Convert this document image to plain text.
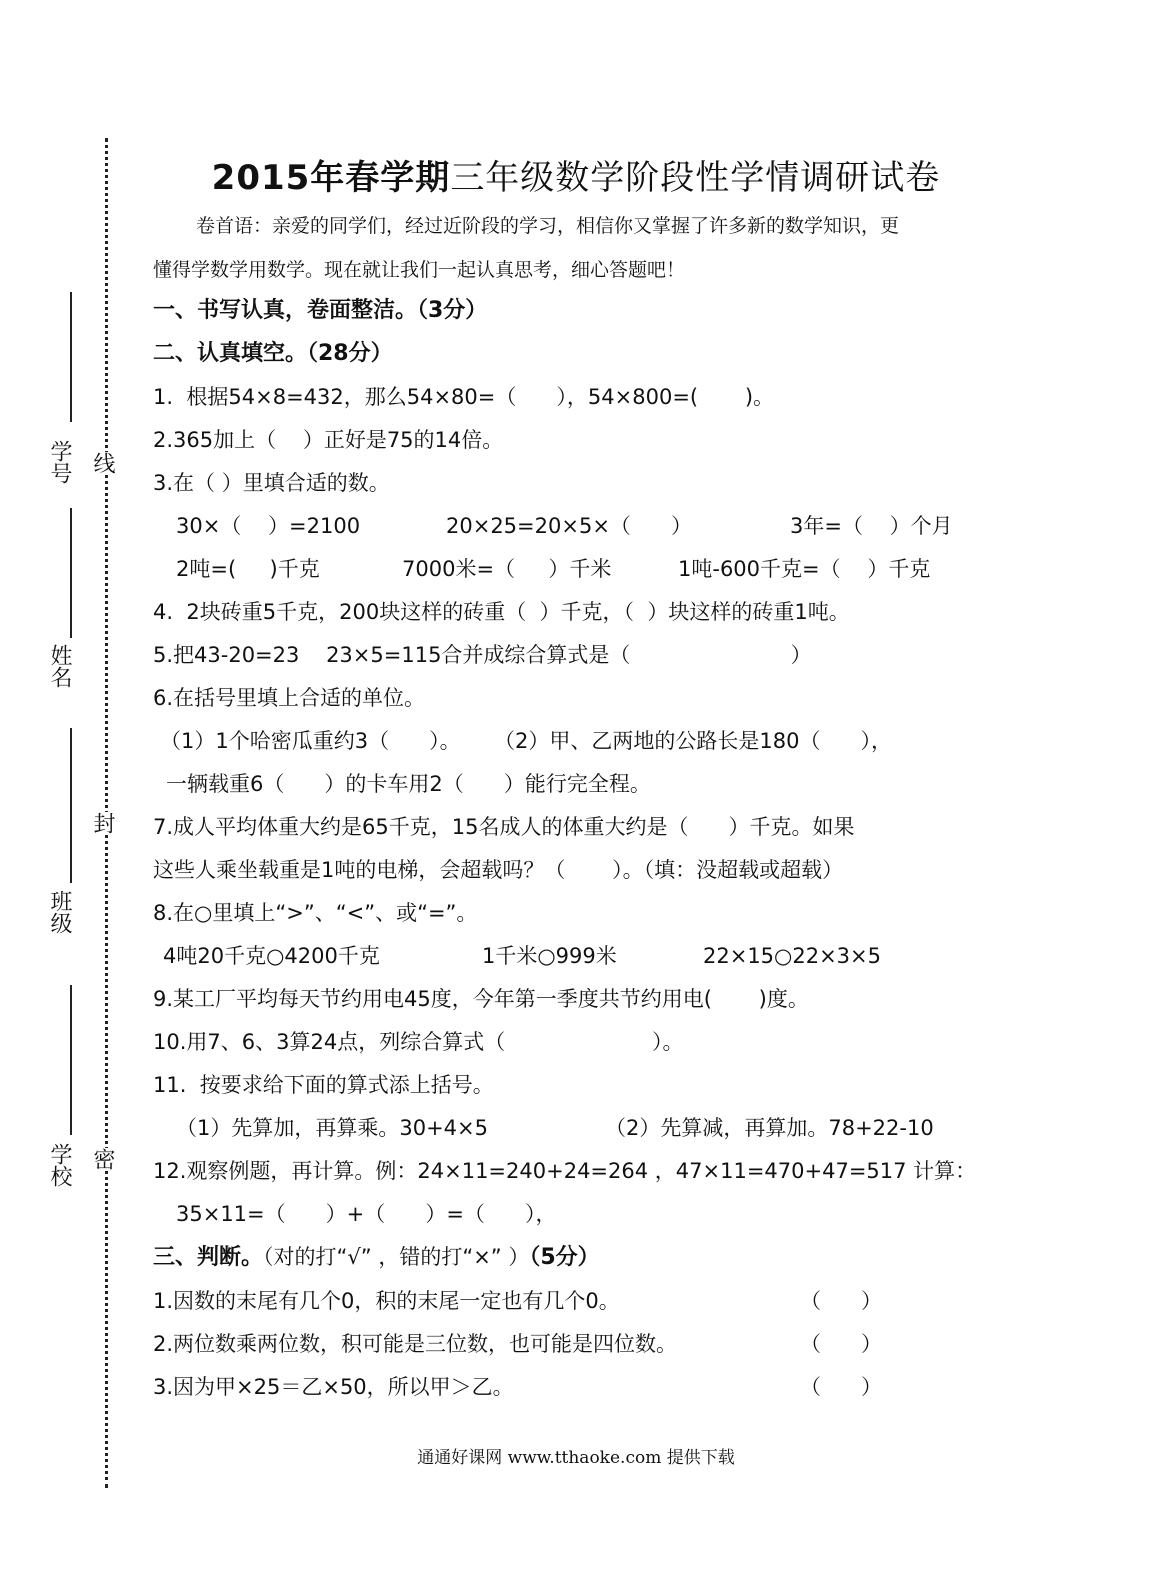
线
封
密
学号
姓名
班级
学校
2015年春学期三年级数学阶段性学情调研试卷
卷首语：亲爱的同学们，经过近阶段的学习，相信你又掌握了许多新的数学知识，更
懂得学数学用数学。现在就让我们一起认真思考，细心答题吧！
一、书写认真，卷面整洁。（3分）
二、认真填空。（28分）
1.  根据54×8=432，那么54×80=（      ），54×800=(       )。
2.365加上（    ）正好是75的14倍。
3.在（ ）里填合适的数。
30×（    ）=2100	20×25=20×5×（      ）	3年=（    ）个月
2吨=(     )千克	7000米=（     ）千米	1吨-600千克=（    ）千克
4.  2块砖重5千克，200块这样的砖重（  ）千克，（  ）块这样的砖重1吨。
5.把43-20=23    23×5=115合并成综合算式是（                        ）
6.在括号里填上合适的单位。
（1）1个哈密瓜重约3（      ）。     （2）甲、乙两地的公路长是180（      ），
一辆载重6（      ）的卡车用2（      ）能行完全程。
7.成人平均体重大约是65千克，15名成人的体重大约是（      ）千克。如果
这些人乘坐载重是1吨的电梯，会超载吗？（       ）。（填：没超载或超载）
8.在○里填上“>”、“<”、或“=”。
4吨20千克○4200千克	1千米○999米	22×15○22×3×5
9.某工厂平均每天节约用电45度，今年第一季度共节约用电(       )度。
10.用7、6、3算24点，列综合算式（                      ）。
11.  按要求给下面的算式添上括号。
（1）先算加，再算乘。30+4×5	（2）先算减，再算加。78+22-10
12.观察例题，再计算。例：24×11=240+24=264 ，47×11=470+47=517 计算：
35×11=（      ）+（      ）=（      ），
三、判断。（对的打“√” ，错的打“×” ）（5分）
1.因数的末尾有几个0，积的末尾一定也有几个0。	（      ）
2.两位数乘两位数，积可能是三位数，也可能是四位数。	（      ）
3.因为甲×25＝乙×50，所以甲＞乙。	（      ）
通通好课网 www.tthaoke.com 提供下载
